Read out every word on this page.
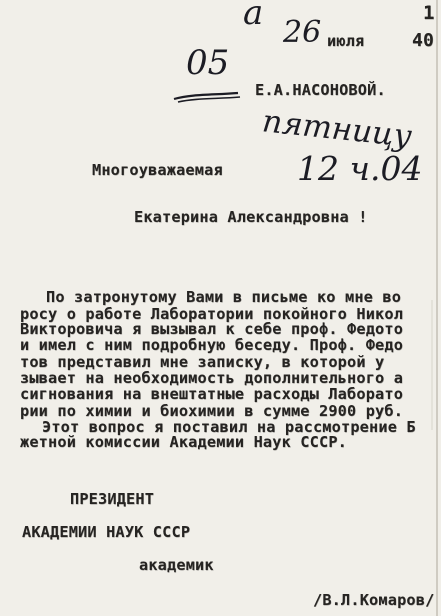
a 26 июля

1

40

05

Е.А.НАСОНОВОЙ.

пятницу

12 ч.04

Многоуважаемая

Екатерина Александровна !

По затронутому Вами в письме ко мне во

росу о работе Лаборатории покойного Никол

Викторовича я вызывал к себе проф. Федото

и имел с ним подробную беседу. Проф. Федо

тов представил мне записку, в которой у

зывает на необходимость дополнительного а

сигнования на внештатные расходы Лаборато

рии по химии и биохимии в сумме 2900 руб.

Этот вопрос я поставил на рассмотрение Б

жетной комиссии Академии Наук СССР.

ПРЕЗИДЕНТ

АКАДЕМИИ НАУК СССР

академик

/В.Л.Комаров/
